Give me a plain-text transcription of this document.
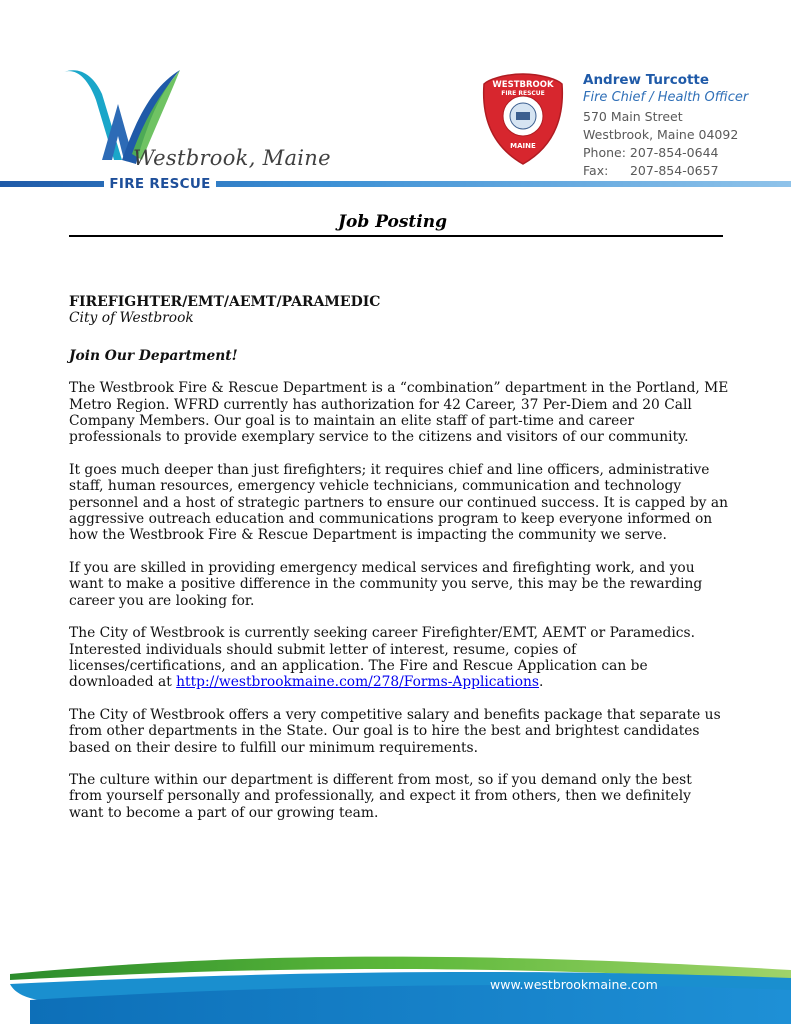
Westbrook, Maine
FIRE RESCUE
WESTBROOK
FIRE RESCUE
MAINE
Andrew Turcotte
Fire Chief / Health Officer
570 Main Street
Westbrook, Maine 04092
Phone: 207-854-0644
Fax: 207-854-0657
Job Posting

FIREFIGHTER/EMT/AEMT/PARAMEDIC

City of Westbrook

Join Our Department!

The Westbrook Fire & Rescue Department is a “combination” department in the Portland, ME Metro Region. WFRD currently has authorization for 42 Career, 37 Per-Diem and 20 Call Company Members. Our goal is to maintain an elite staff of part-time and career professionals to provide exemplary service to the citizens and visitors of our community.

It goes much deeper than just firefighters; it requires chief and line officers, administrative staff, human resources, emergency vehicle technicians, communication and technology personnel and a host of strategic partners to ensure our continued success. It is capped by an aggressive outreach education and communications program to keep everyone informed on how the Westbrook Fire & Rescue Department is impacting the community we serve.

If you are skilled in providing emergency medical services and firefighting work, and you want to make a positive difference in the community you serve, this may be the rewarding career you are looking for.

The City of Westbrook is currently seeking career Firefighter/EMT, AEMT or Paramedics. Interested individuals should submit letter of interest, resume, copies of licenses/certifications, and an application. The Fire and Rescue Application can be downloaded at http://westbrookmaine.com/278/Forms-Applications.

The City of Westbrook offers a very competitive salary and benefits package that separate us from other departments in the State. Our goal is to hire the best and brightest candidates based on their desire to fulfill our minimum requirements.

The culture within our department is different from most, so if you demand only the best from yourself personally and professionally, and expect it from others, then we definitely want to become a part of our growing team.

www.westbrookmaine.com
